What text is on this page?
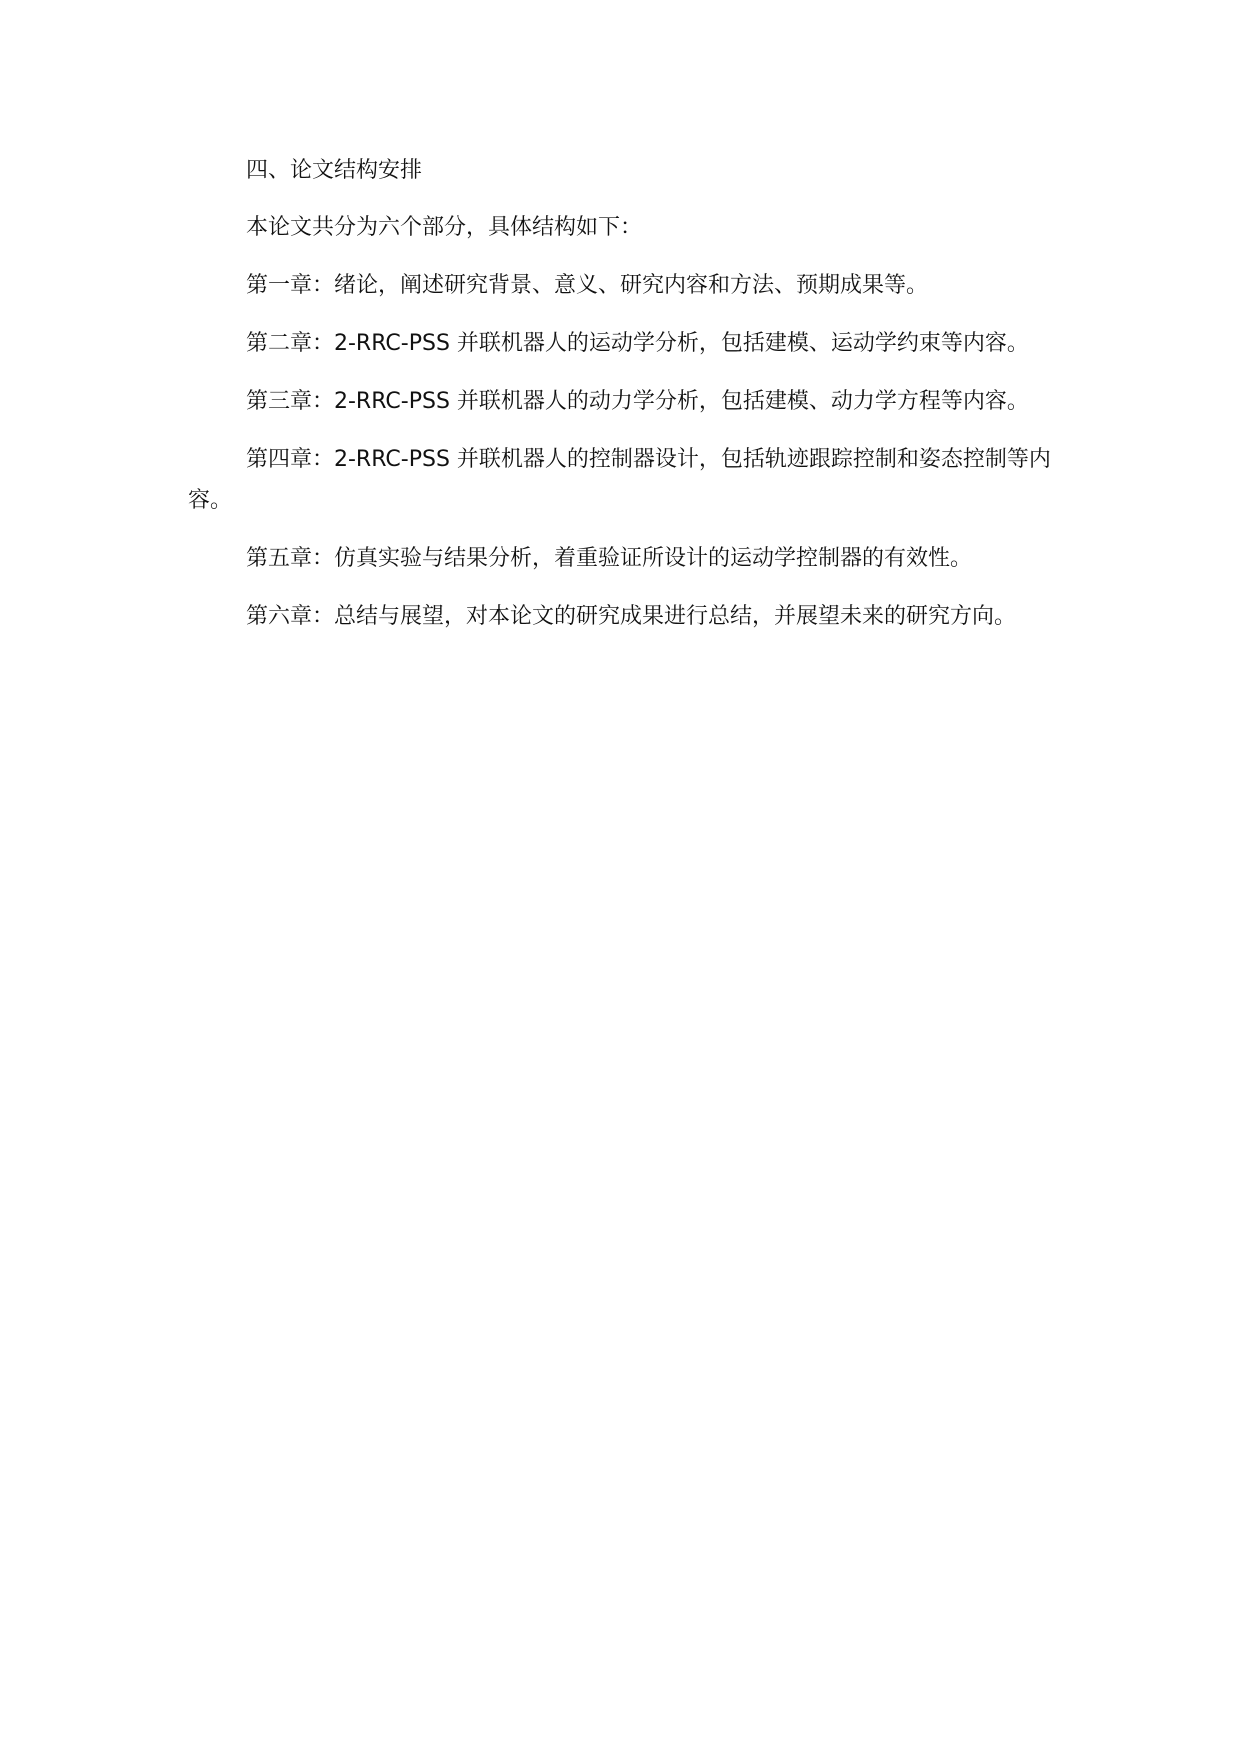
四、论文结构安排

本论文共分为六个部分，具体结构如下：

第一章：绪论，阐述研究背景、意义、研究内容和方法、预期成果等。

第二章：2-RRC-PSS 并联机器人的运动学分析，包括建模、运动学约束等内容。

第三章：2-RRC-PSS 并联机器人的动力学分析，包括建模、动力学方程等内容。

第四章：2-RRC-PSS 并联机器人的控制器设计，包括轨迹跟踪控制和姿态控制等内容。

第五章：仿真实验与结果分析，着重验证所设计的运动学控制器的有效性。

第六章：总结与展望，对本论文的研究成果进行总结，并展望未来的研究方向。
